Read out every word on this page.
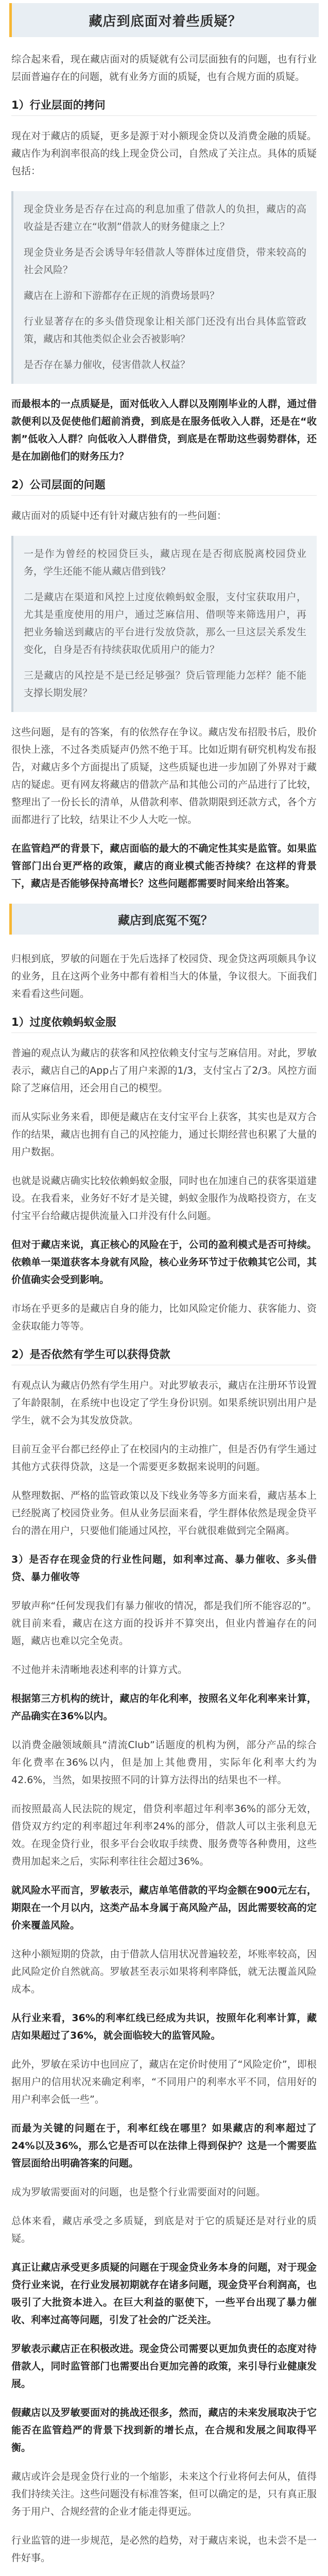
藏店到底面对着些质疑？

综合起来看，现在藏店面对的质疑就有公司层面独有的问题，也有行业层面普遍存在的问题，就有业务方面的质疑，也有合规方面的质疑。

1）行业层面的拷问

现在对于藏店的质疑，更多是源于对小额现金贷以及消费金融的质疑。藏店作为利润率很高的线上现金贷公司，自然成了关注点。具体的质疑包括：

现金贷业务是否存在过高的利息加重了借款人的负担，藏店的高收益是否建立在“收割”借款人的财务健康之上？

现金贷业务是否会诱导年轻借款人等群体过度借贷，带来较高的社会风险？

藏店在上游和下游都存在正规的消费场景吗？

行业显著存在的多头借贷现象让相关部门还没有出台具体监管政策，藏店和其他类似企业会否被影响？

是否存在暴力催收，侵害借款人权益？

而最根本的一点质疑是，面对低收入人群以及刚刚毕业的人群，通过借款便利以及促使他们超前消费，到底是在服务低收入人群，还是在“收割”低收入人群？向低收入人群借贷，到底是在帮助这些弱势群体，还是在加剧他们的财务压力？

2）公司层面的问题

藏店面对的质疑中还有针对藏店独有的一些问题：

一是作为曾经的校园贷巨头，藏店现在是否彻底脱离校园贷业务，学生还能不能从藏店借到钱？

二是藏店在渠道和风控上过度依赖蚂蚁金服，支付宝获取用户，尤其是重度使用的用户，通过芝麻信用、借呗等来筛选用户，再把业务输送到藏店的平台进行发放贷款，那么一旦这层关系发生变化，自身是否有持续获取优质用户的能力？

三是藏店的风控是不是已经足够强？贷后管理能力怎样？能不能支撑长期发展？

这些问题，是有的答案，有的依然存在争议。藏店发布招股书后，股价很快上涨，不过各类质疑声仍然不绝于耳。比如近期有研究机构发布报告，对藏店多个方面提出了质疑，这些质疑也进一步加剧了外界对于藏店的疑虑。更有网友将藏店的借款产品和其他公司的产品进行了比较，整理出了一份长长的清单，从借款利率、借款期限到还款方式，各个方面都进行了比较，结果让不少人大吃一惊。

在监管趋严的背景下，藏店面临的最大的不确定性其实是监管。如果监管部门出台更严格的政策，藏店的商业模式能否持续？在这样的背景下，藏店是否能够保持高增长？这些问题都需要时间来给出答案。

藏店到底冤不冤？

归根到底，罗敏的问题在于先后选择了校园贷、现金贷这两项颇具争议的业务，且在这两个业务中都有着相当大的体量，争议很大。下面我们来看看这些问题。

1）过度依赖蚂蚁金服

普遍的观点认为藏店的获客和风控依赖支付宝与芝麻信用。对此，罗敏表示，藏店自己的App占了用户来源的1/3，支付宝占了2/3。风控方面除了芝麻信用，还会用自己的模型。

而从实际业务来看，即便是藏店在支付宝平台上获客，其实也是双方合作的结果，藏店也拥有自己的风控能力，通过长期经营也积累了大量的用户数据。

也就是说藏店确实比较依赖蚂蚁金服，同时也在加速自己的获客渠道建设。在我看来，业务好不好才是关键，蚂蚁金服作为战略投资方，在支付宝平台给藏店提供流量入口并没有什么问题。

但对于藏店来说，真正核心的风险在于，公司的盈利模式是否可持续。依赖单一渠道获客本身就有风险，核心业务环节过于依赖其它公司，其价值确实会受到影响。

市场在乎更多的是藏店自身的能力，比如风险定价能力、获客能力、资金获取能力等等。

2）是否依然有学生可以获得贷款

有观点认为藏店仍然有学生用户。对此罗敏表示，藏店在注册环节设置了年龄限制，在系统中也设定了学生身份识别。如果系统识别出用户是学生，就不会为其发放贷款。

目前互金平台都已经停止了在校园内的主动推广，但是否仍有学生通过其他方式获得贷款，这是一个需要更多数据来说明的问题。

从整理数据、严格的监管政策以及下线业务等多方面来看，藏店基本上已经脱离了校园贷业务。但从业务层面来看，学生群体依然是现金贷平台的潜在用户，只要他们能通过风控，平台就很难做到完全隔离。

3）是否存在现金贷的行业性问题，如利率过高、暴力催收、多头借贷、暴力催收等

罗敏声称“任何发现我们有暴力催收的情况，都是我们所不能容忍的”。就目前来看，藏店在这方面的投诉并不算突出，但业内普遍存在的问题，藏店也难以完全免责。

不过他并未清晰地表述利率的计算方式。

根据第三方机构的统计，藏店的年化利率，按照名义年化利率来计算，产品确实在36%以内。

以消费金融领域颇具“清流Club”话题度的机构为例，部分产品的综合年化费率在36%以内，但是加上其他费用，实际年化利率大约为42.6%，当然，如果按照不同的计算方法得出的结果也不一样。

而按照最高人民法院的规定，借贷利率超过年利率36%的部分无效，借贷双方约定的利率超过年利率24%的部分，借款人可以主张利息无效。在现金贷行业，很多平台会收取手续费、服务费等各种费用，这些费用加起来之后，实际利率往往会超过36%。

就风险水平而言，罗敏表示，藏店单笔借款的平均金额在900元左右，期限在一个月以内，这类产品本身属于高风险产品，因此需要较高的定价来覆盖风险。

这种小额短期的贷款，由于借款人信用状况普遍较差，坏账率较高，因此风险定价自然就高。罗敏甚至表示如果将利率降低，就无法覆盖风险成本。

从行业来看，36%的利率红线已经成为共识，按照年化利率计算，藏店如果超过了36%，就会面临较大的监管风险。

此外，罗敏在采访中也回应了，藏店在定价时使用了“风险定价”，即根据用户的信用状况来确定利率，“不同用户的利率水平不同，信用好的用户利率会低一些”。

而最为关键的问题在于，利率红线在哪里？如果藏店的利率超过了24%以及36%，那么它是否可以在法律上得到保护？这是一个需要监管层面给出明确答案的问题。

成为罗敏需要面对的问题，也是整个行业需要面对的问题。

总体来看，藏店承受之多质疑，到底是对于它的质疑还是对行业的质疑。

真正让藏店承受更多质疑的问题在于现金贷业务本身的问题，对于现金贷行业来说，在行业发展初期就存在诸多问题，现金贷平台利润高，也吸引了大批资本进入。在巨大利益的驱使下，一些平台出现了暴力催收、利率过高等问题，引发了社会的广泛关注。

罗敏表示藏店正在积极改进。现金贷公司需要以更加负责任的态度对待借款人，同时监管部门也需要出台更加完善的政策，来引导行业健康发展。

假藏店以及罗敏要面对的挑战还很多，然而，藏店的未来发展取决于它能否在监管趋严的背景下找到新的增长点，在合规和发展之间取得平衡。

藏店或许会是现金贷行业的一个缩影，未来这个行业将何去何从，值得我们持续关注。这些问题没有标准答案，但可以确定的是，只有真正服务于用户、合规经营的企业才能走得更远。

行业监管的进一步规范，是必然的趋势，对于藏店来说，也未尝不是一件好事。
